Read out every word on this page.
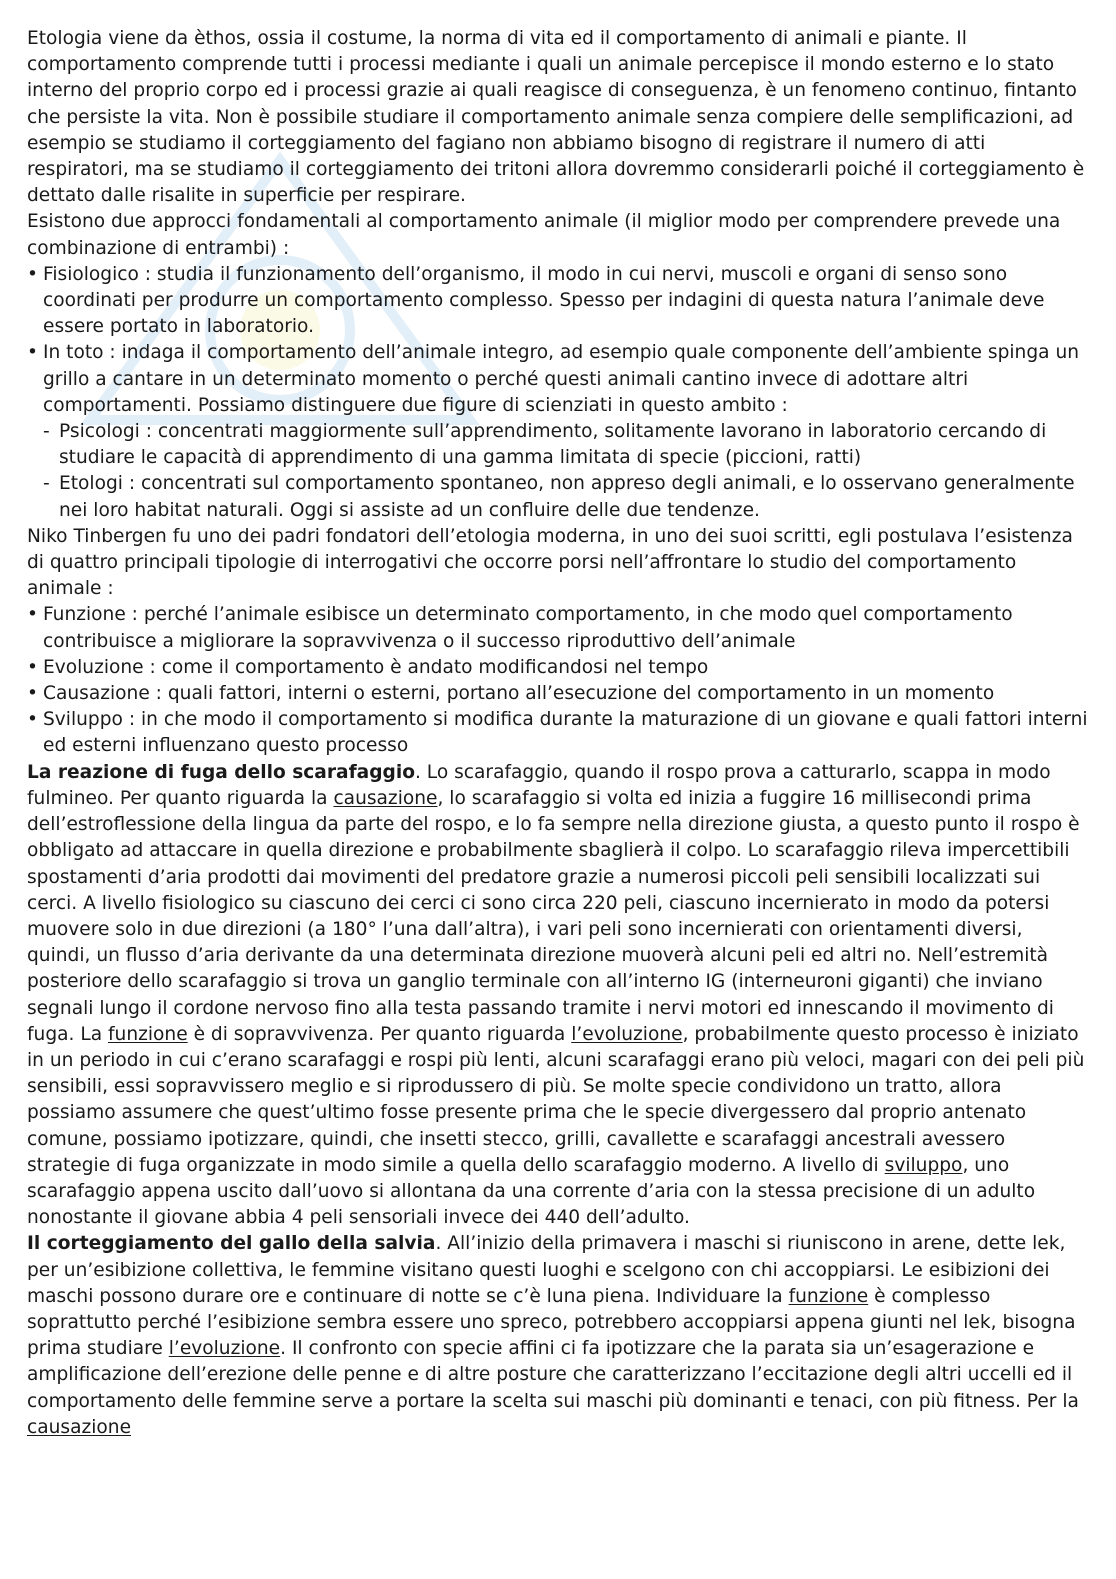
Etologia viene da èthos, ossia il costume, la norma di vita ed il comportamento di animali e piante. Il comportamento comprende tutti i processi mediante i quali un animale percepisce il mondo esterno e lo stato interno del proprio corpo ed i processi grazie ai quali reagisce di conseguenza, è un fenomeno continuo, fintanto che persiste la vita. Non è possibile studiare il comportamento animale senza compiere delle semplificazioni, ad esempio se studiamo il corteggiamento del fagiano non abbiamo bisogno di registrare il numero di atti respiratori, ma se studiamo il corteggiamento dei tritoni allora dovremmo considerarli poiché il corteggiamento è dettato dalle risalite in superficie per respirare.

Esistono due approcci fondamentali al comportamento animale (il miglior modo per comprendere prevede una combinazione di entrambi) :

• Fisiologico : studia il funzionamento dell’organismo, il modo in cui nervi, muscoli e organi di senso sono coordinati per produrre un comportamento complesso. Spesso per indagini di questa natura l’animale deve essere portato in laboratorio.

• In toto : indaga il comportamento dell’animale integro, ad esempio quale componente dell’ambiente spinga un grillo a cantare in un determinato momento o perché questi animali cantino invece di adottare altri comportamenti. Possiamo distinguere due figure di scienziati in questo ambito :

- Psicologi : concentrati maggiormente sull’apprendimento, solitamente lavorano in laboratorio cercando di studiare le capacità di apprendimento di una gamma limitata di specie (piccioni, ratti)

- Etologi : concentrati sul comportamento spontaneo, non appreso degli animali, e lo osservano generalmente nei loro habitat naturali. Oggi si assiste ad un confluire delle due tendenze.

Niko Tinbergen fu uno dei padri fondatori dell’etologia moderna, in uno dei suoi scritti, egli postulava l’esistenza di quattro principali tipologie di interrogativi che occorre porsi nell’affrontare lo studio del comportamento animale :

• Funzione : perché l’animale esibisce un determinato comportamento, in che modo quel comportamento contribuisce a migliorare la sopravvivenza o il successo riproduttivo dell’animale

• Evoluzione : come il comportamento è andato modificandosi nel tempo

• Causazione : quali fattori, interni o esterni, portano all’esecuzione del comportamento in un momento

• Sviluppo : in che modo il comportamento si modifica durante la maturazione di un giovane e quali fattori interni ed esterni influenzano questo processo

La reazione di fuga dello scarafaggio. Lo scarafaggio, quando il rospo prova a catturarlo, scappa in modo fulmineo. Per quanto riguarda la causazione, lo scarafaggio si volta ed inizia a fuggire 16 millisecondi prima dell’estroflessione della lingua da parte del rospo, e lo fa sempre nella direzione giusta, a questo punto il rospo è obbligato ad attaccare in quella direzione e probabilmente sbaglierà il colpo. Lo scarafaggio rileva impercettibili spostamenti d’aria prodotti dai movimenti del predatore grazie a numerosi piccoli peli sensibili localizzati sui cerci. A livello fisiologico su ciascuno dei cerci ci sono circa 220 peli, ciascuno incernierato in modo da potersi muovere solo in due direzioni (a 180° l’una dall’altra), i vari peli sono incernierati con orientamenti diversi, quindi, un flusso d’aria derivante da una determinata direzione muoverà alcuni peli ed altri no. Nell’estremità posteriore dello scarafaggio si trova un ganglio terminale con all’interno IG (interneuroni giganti) che inviano segnali lungo il cordone nervoso fino alla testa passando tramite i nervi motori ed innescando il movimento di fuga. La funzione è di sopravvivenza. Per quanto riguarda l’evoluzione, probabilmente questo processo è iniziato in un periodo in cui c’erano scarafaggi e rospi più lenti, alcuni scarafaggi erano più veloci, magari con dei peli più sensibili, essi sopravvissero meglio e si riprodussero di più. Se molte specie condividono un tratto, allora possiamo assumere che quest’ultimo fosse presente prima che le specie divergessero dal proprio antenato comune, possiamo ipotizzare, quindi, che insetti stecco, grilli, cavallette e scarafaggi ancestrali avessero strategie di fuga organizzate in modo simile a quella dello scarafaggio moderno. A livello di sviluppo, uno scarafaggio appena uscito dall’uovo si allontana da una corrente d’aria con la stessa precisione di un adulto nonostante il giovane abbia 4 peli sensoriali invece dei 440 dell’adulto.

Il corteggiamento del gallo della salvia. All’inizio della primavera i maschi si riuniscono in arene, dette lek, per un’esibizione collettiva, le femmine visitano questi luoghi e scelgono con chi accoppiarsi. Le esibizioni dei maschi possono durare ore e continuare di notte se c’è luna piena. Individuare la funzione è complesso soprattutto perché l’esibizione sembra essere uno spreco, potrebbero accoppiarsi appena giunti nel lek, bisogna prima studiare l’evoluzione. Il confronto con specie affini ci fa ipotizzare che la parata sia un’esagerazione e amplificazione dell’erezione delle penne e di altre posture che caratterizzano l’eccitazione degli altri uccelli ed il comportamento delle femmine serve a portare la scelta sui maschi più dominanti e tenaci, con più fitness. Per la causazione
